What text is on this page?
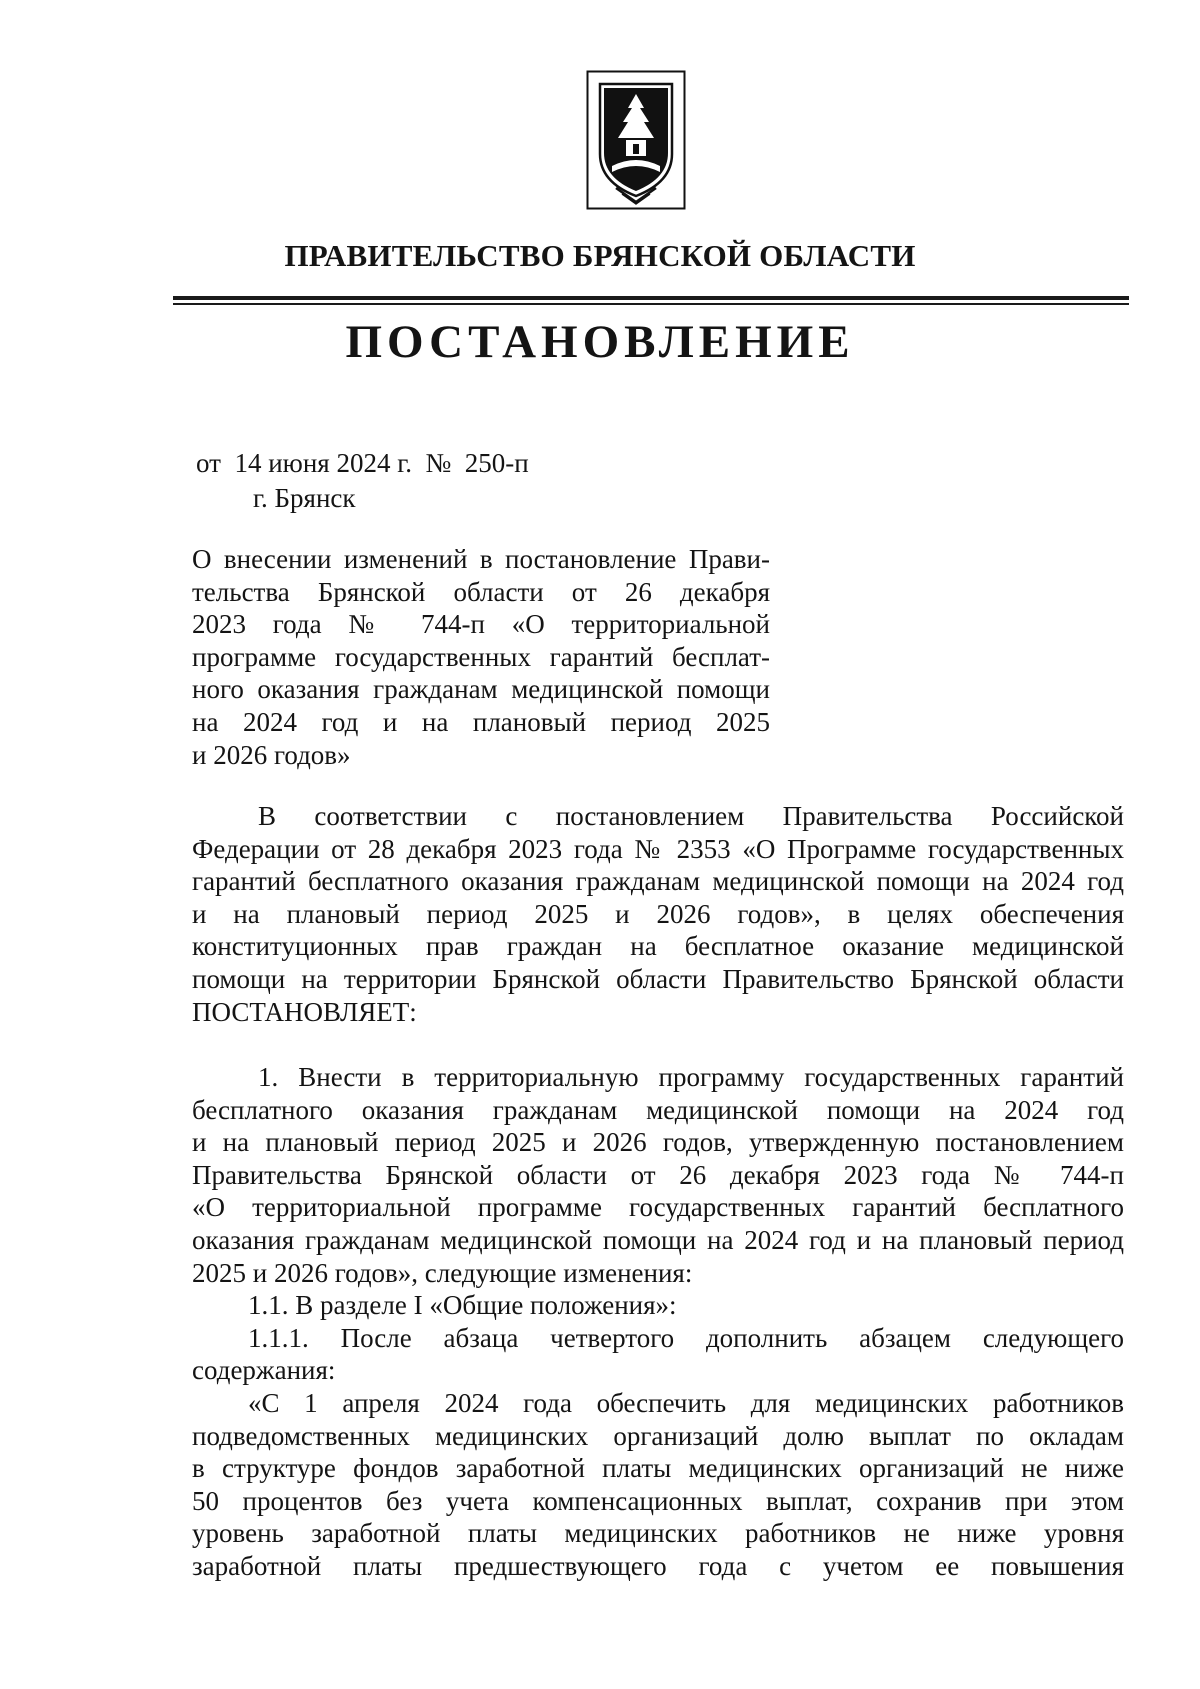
ПРАВИТЕЛЬСТВО БРЯНСКОЙ ОБЛАСТИ
ПОСТАНОВЛЕНИЕ
от 14 июня 2024 г. № 250-п
г. Брянск
О внесении изменений в постановление Прави-
тельства Брянской области от 26 декабря
2023 года № 744-п «О территориальной
программе государственных гарантий бесплат-
ного оказания гражданам медицинской помощи
на 2024 год и на плановый период 2025
и 2026 годов»
В соответствии с постановлением Правительства Российской
Федерации от 28 декабря 2023 года № 2353 «О Программе государственных
гарантий бесплатного оказания гражданам медицинской помощи на 2024 год
и на плановый период 2025 и 2026 годов», в целях обеспечения
конституционных прав граждан на бесплатное оказание медицинской
помощи на территории Брянской области Правительство Брянской области
ПОСТАНОВЛЯЕТ:
1. Внести в территориальную программу государственных гарантий
бесплатного оказания гражданам медицинской помощи на 2024 год
и на плановый период 2025 и 2026 годов, утвержденную постановлением
Правительства Брянской области от 26 декабря 2023 года № 744-п
«О территориальной программе государственных гарантий бесплатного
оказания гражданам медицинской помощи на 2024 год и на плановый период
2025 и 2026 годов», следующие изменения:
1.1. В разделе I «Общие положения»:
1.1.1. После абзаца четвертого дополнить абзацем следующего
содержания:
«С 1 апреля 2024 года обеспечить для медицинских работников
подведомственных медицинских организаций долю выплат по окладам
в структуре фондов заработной платы медицинских организаций не ниже
50 процентов без учета компенсационных выплат, сохранив при этом
уровень заработной платы медицинских работников не ниже уровня
заработной платы предшествующего года с учетом ее повышения
